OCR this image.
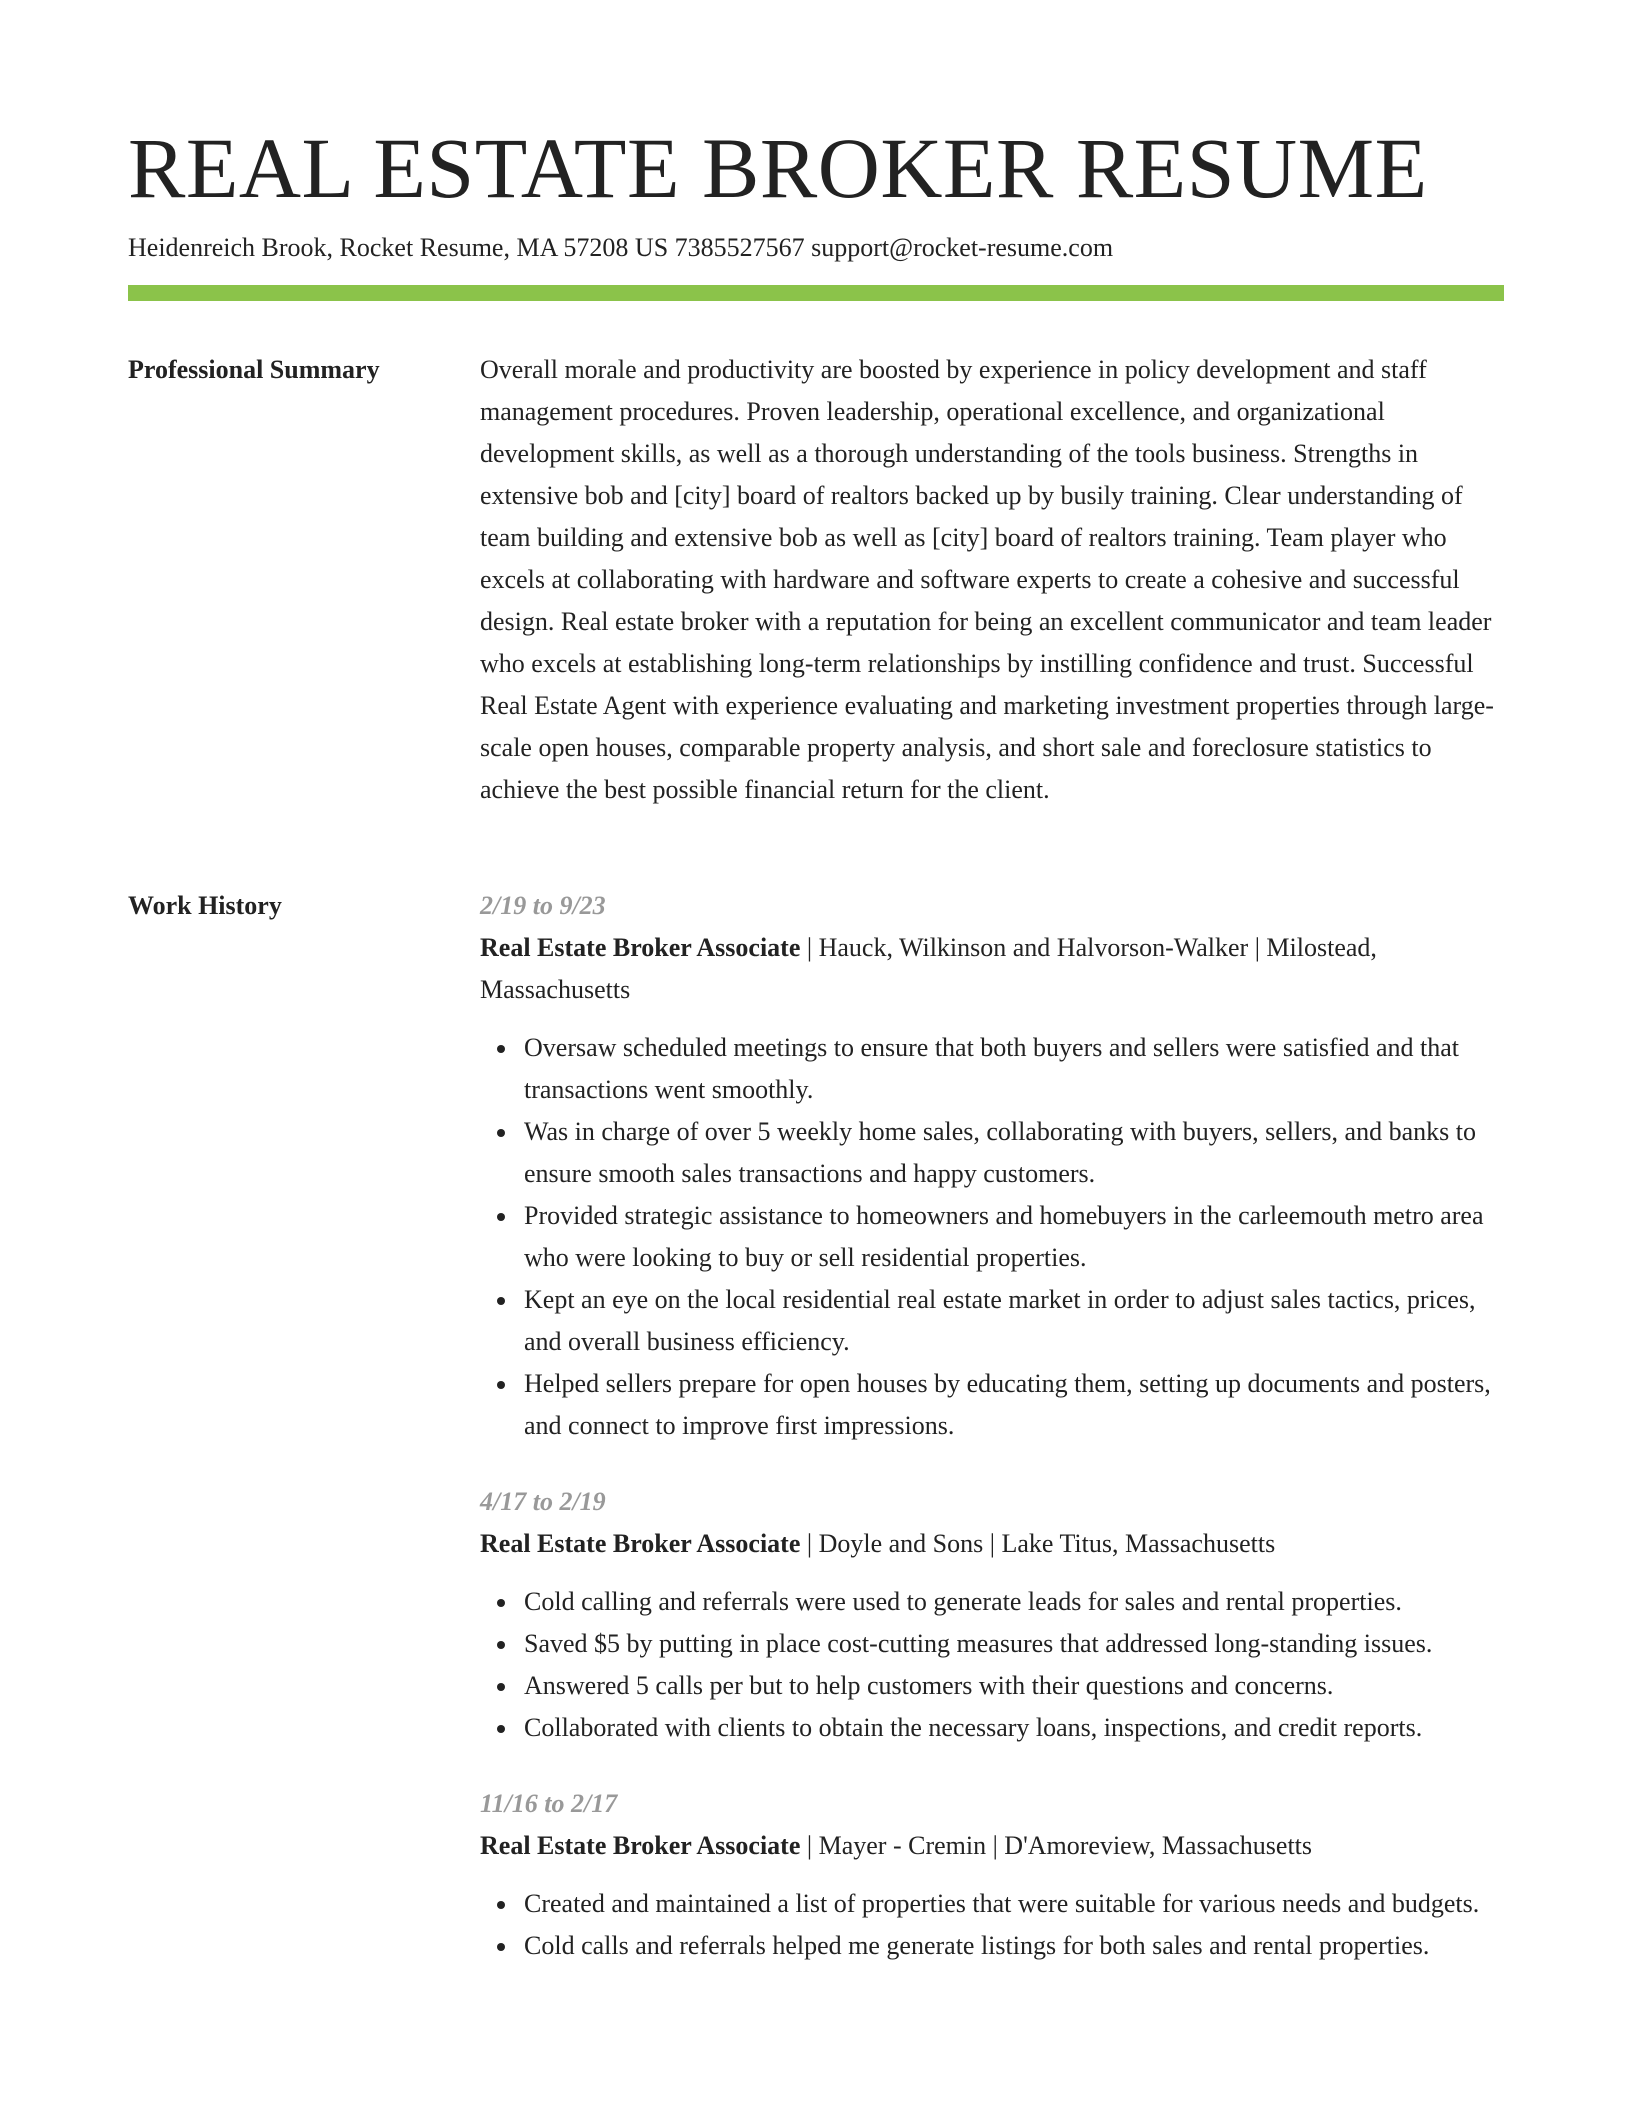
REAL ESTATE BROKER RESUME
Heidenreich Brook, Rocket Resume, MA 57208 US 7385527567 support@rocket-resume.com
Professional Summary	Overall morale and productivity are boosted by experience in policy development and staff management procedures. Proven leadership, operational excellence, and organizational development skills, as well as a thorough understanding of the tools business. Strengths in extensive bob and [city] board of realtors backed up by busily training. Clear understanding of team building and extensive bob as well as [city] board of realtors training. Team player who excels at collaborating with hardware and software experts to create a cohesive and successful design. Real estate broker with a reputation for being an excellent communicator and team leader who excels at establishing long-term relationships by instilling confidence and trust. Successful Real Estate Agent with experience evaluating and marketing investment properties through large-scale open houses, comparable property analysis, and short sale and foreclosure statistics to achieve the best possible financial return for the client.

Work History	2/19 to 9/23
Real Estate Broker Associate | Hauck, Wilkinson and Halvorson-Walker | Milostead, Massachusetts
Oversaw scheduled meetings to ensure that both buyers and sellers were satisfied and that transactions went smoothly.
Was in charge of over 5 weekly home sales, collaborating with buyers, sellers, and banks to ensure smooth sales transactions and happy customers.
Provided strategic assistance to homeowners and homebuyers in the carleemouth metro area who were looking to buy or sell residential properties.
Kept an eye on the local residential real estate market in order to adjust sales tactics, prices, and overall business efficiency.
Helped sellers prepare for open houses by educating them, setting up documents and posters, and connect to improve first impressions.
4/17 to 2/19
Real Estate Broker Associate | Doyle and Sons | Lake Titus, Massachusetts
Cold calling and referrals were used to generate leads for sales and rental properties.
Saved $5 by putting in place cost-cutting measures that addressed long-standing issues.
Answered 5 calls per but to help customers with their questions and concerns.
Collaborated with clients to obtain the necessary loans, inspections, and credit reports.
11/16 to 2/17
Real Estate Broker Associate | Mayer - Cremin | D'Amoreview, Massachusetts
Created and maintained a list of properties that were suitable for various needs and budgets.
Cold calls and referrals helped me generate listings for both sales and rental properties.
